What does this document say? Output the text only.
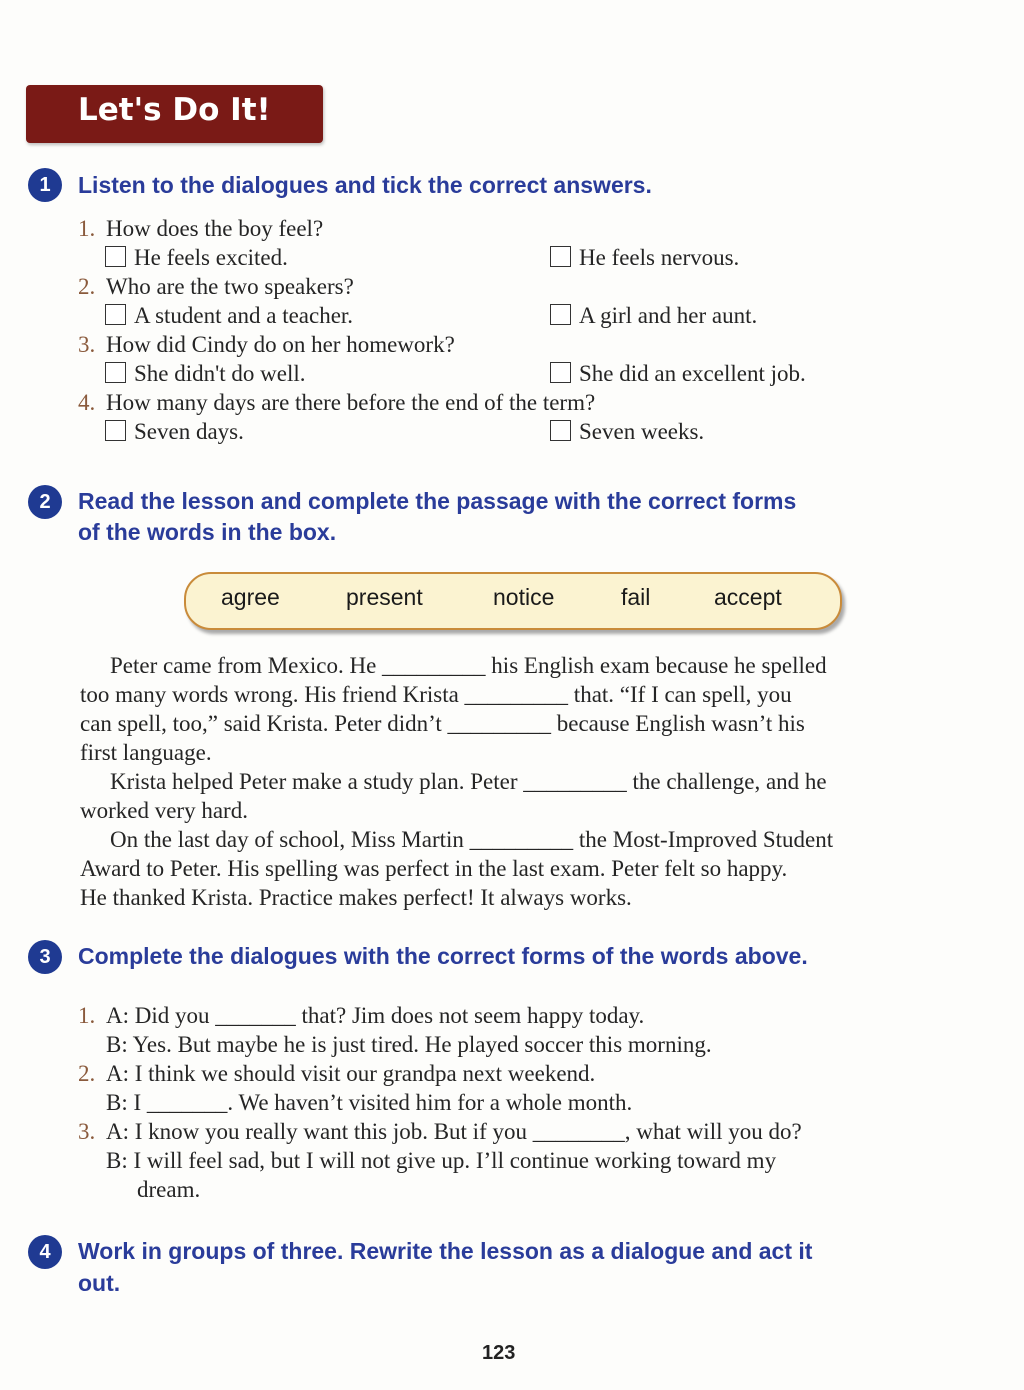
Let's Do It!
1	Listen to the dialogues and tick the correct answers.
2	Read the lesson and complete the passage with the correct forms
of the words in the box.
agree	present	notice	fail	accept
3	Complete the dialogues with the correct forms of the words above.
4	Work in groups of three. Rewrite the lesson as a dialogue and act it
out.
123
1. How does the boy feel?
He feels excited.	He feels nervous.
2. Who are the two speakers?
A student and a teacher.	A girl and her aunt.
3. How did Cindy do on her homework?
She didn't do well.	She did an excellent job.
4. How many days are there before the end of the term?
Seven days.	Seven weeks.
Peter came from Mexico. He _________ his English exam because he spelled
too many words wrong. His friend Krista _________ that. “If I can spell, you
can spell, too,” said Krista. Peter didn’t _________ because English wasn’t his
first language.
Krista helped Peter make a study plan. Peter _________ the challenge, and he
worked very hard.
On the last day of school, Miss Martin _________ the Most-Improved Student
Award to Peter. His spelling was perfect in the last exam. Peter felt so happy.
He thanked Krista. Practice makes perfect! It always works.
1. A: Did you _______ that? Jim does not seem happy today.
B: Yes. But maybe he is just tired. He played soccer this morning.
2. A: I think we should visit our grandpa next weekend.
B: I _______. We haven’t visited him for a whole month.
3. A: I know you really want this job. But if you ________, what will you do?
B: I will feel sad, but I will not give up. I’ll continue working toward my
dream.
